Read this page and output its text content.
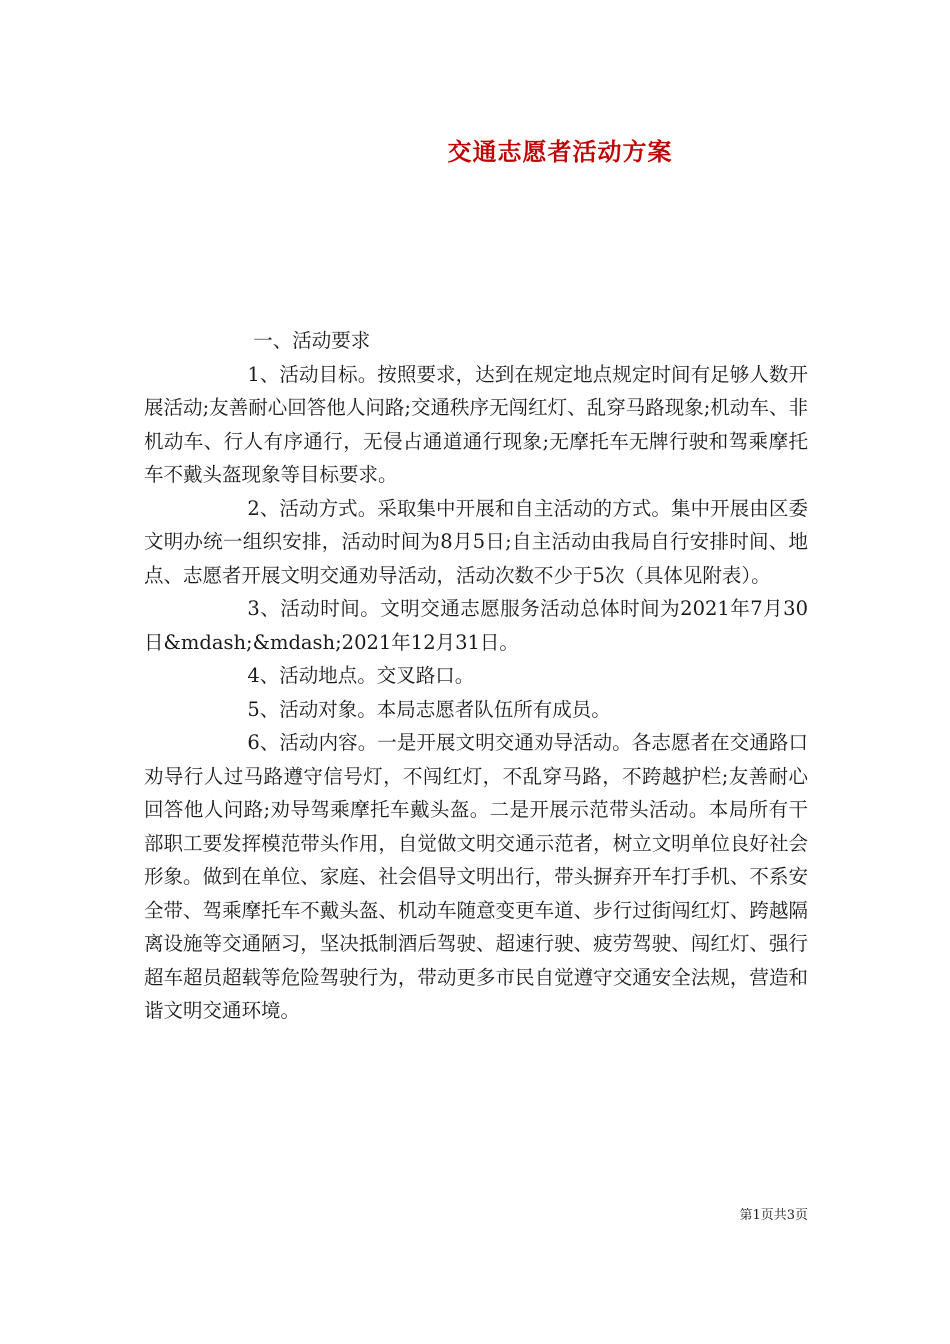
交通志愿者活动方案

一、活动要求

1、活动目标。按照要求，达到在规定地点规定时间有足够人数开展活动;友善耐心回答他人问路;交通秩序无闯红灯、乱穿马路现象;机动车、非机动车、行人有序通行，无侵占通道通行现象;无摩托车无牌行驶和驾乘摩托车不戴头盔现象等目标要求。

2、活动方式。采取集中开展和自主活动的方式。集中开展由区委文明办统一组织安排，活动时间为8月5日;自主活动由我局自行安排时间、地点、志愿者开展文明交通劝导活动，活动次数不少于5次（具体见附表）。

3、活动时间。文明交通志愿服务活动总体时间为2021年7月30日&mdash;&mdash;2021年12月31日。

4、活动地点。交叉路口。

5、活动对象。本局志愿者队伍所有成员。

6、活动内容。一是开展文明交通劝导活动。各志愿者在交通路口劝导行人过马路遵守信号灯，不闯红灯，不乱穿马路，不跨越护栏;友善耐心回答他人问路;劝导驾乘摩托车戴头盔。二是开展示范带头活动。本局所有干部职工要发挥模范带头作用，自觉做文明交通示范者，树立文明单位良好社会形象。做到在单位、家庭、社会倡导文明出行，带头摒弃开车打手机、不系安全带、驾乘摩托车不戴头盔、机动车随意变更车道、步行过街闯红灯、跨越隔离设施等交通陋习，坚决抵制酒后驾驶、超速行驶、疲劳驾驶、闯红灯、强行超车超员超载等危险驾驶行为，带动更多市民自觉遵守交通安全法规，营造和谐文明交通环境。

第1页共3页
